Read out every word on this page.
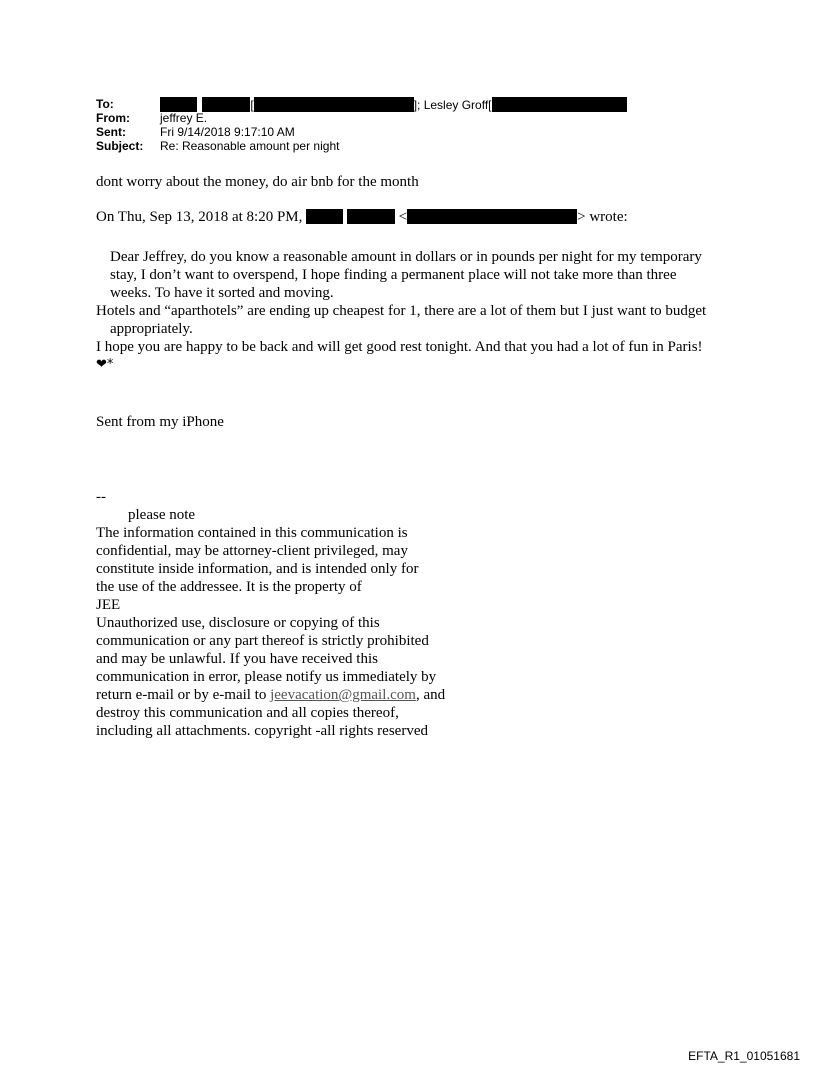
To:	[	]; Lesley Groff[
From:	jeffrey E.
Sent:	Fri 9/14/2018 9:17:10 AM
Subject: Re: Reasonable amount per night
dont worry about the money, do air bnb for the month
On Thu, Sep 13, 2018 at 8:20 PM,	<	> wrote:

Dear Jeffrey, do you know a reasonable amount in dollars or in pounds per night for my temporary stay, I don’t want to overspend, I hope finding a permanent place will not take more than three weeks. To have it sorted and moving.

Hotels and “aparthotels” are ending up cheapest for 1, there are a lot of them but I just want to budget appropriately.

I hope you are happy to be back and will get good rest tonight. And that you had a lot of fun in Paris!

❤*

Sent from my iPhone
--
please note
The information contained in this communication is
confidential, may be attorney-client privileged, may
constitute inside information, and is intended only for
the use of the addressee. It is the property of
JEE
Unauthorized use, disclosure or copying of this
communication or any part thereof is strictly prohibited
and may be unlawful. If you have received this
communication in error, please notify us immediately by
return e-mail or by e-mail to jeevacation@gmail.com, and
destroy this communication and all copies thereof,
including all attachments. copyright -all rights reserved
EFTA_R1_01051681
